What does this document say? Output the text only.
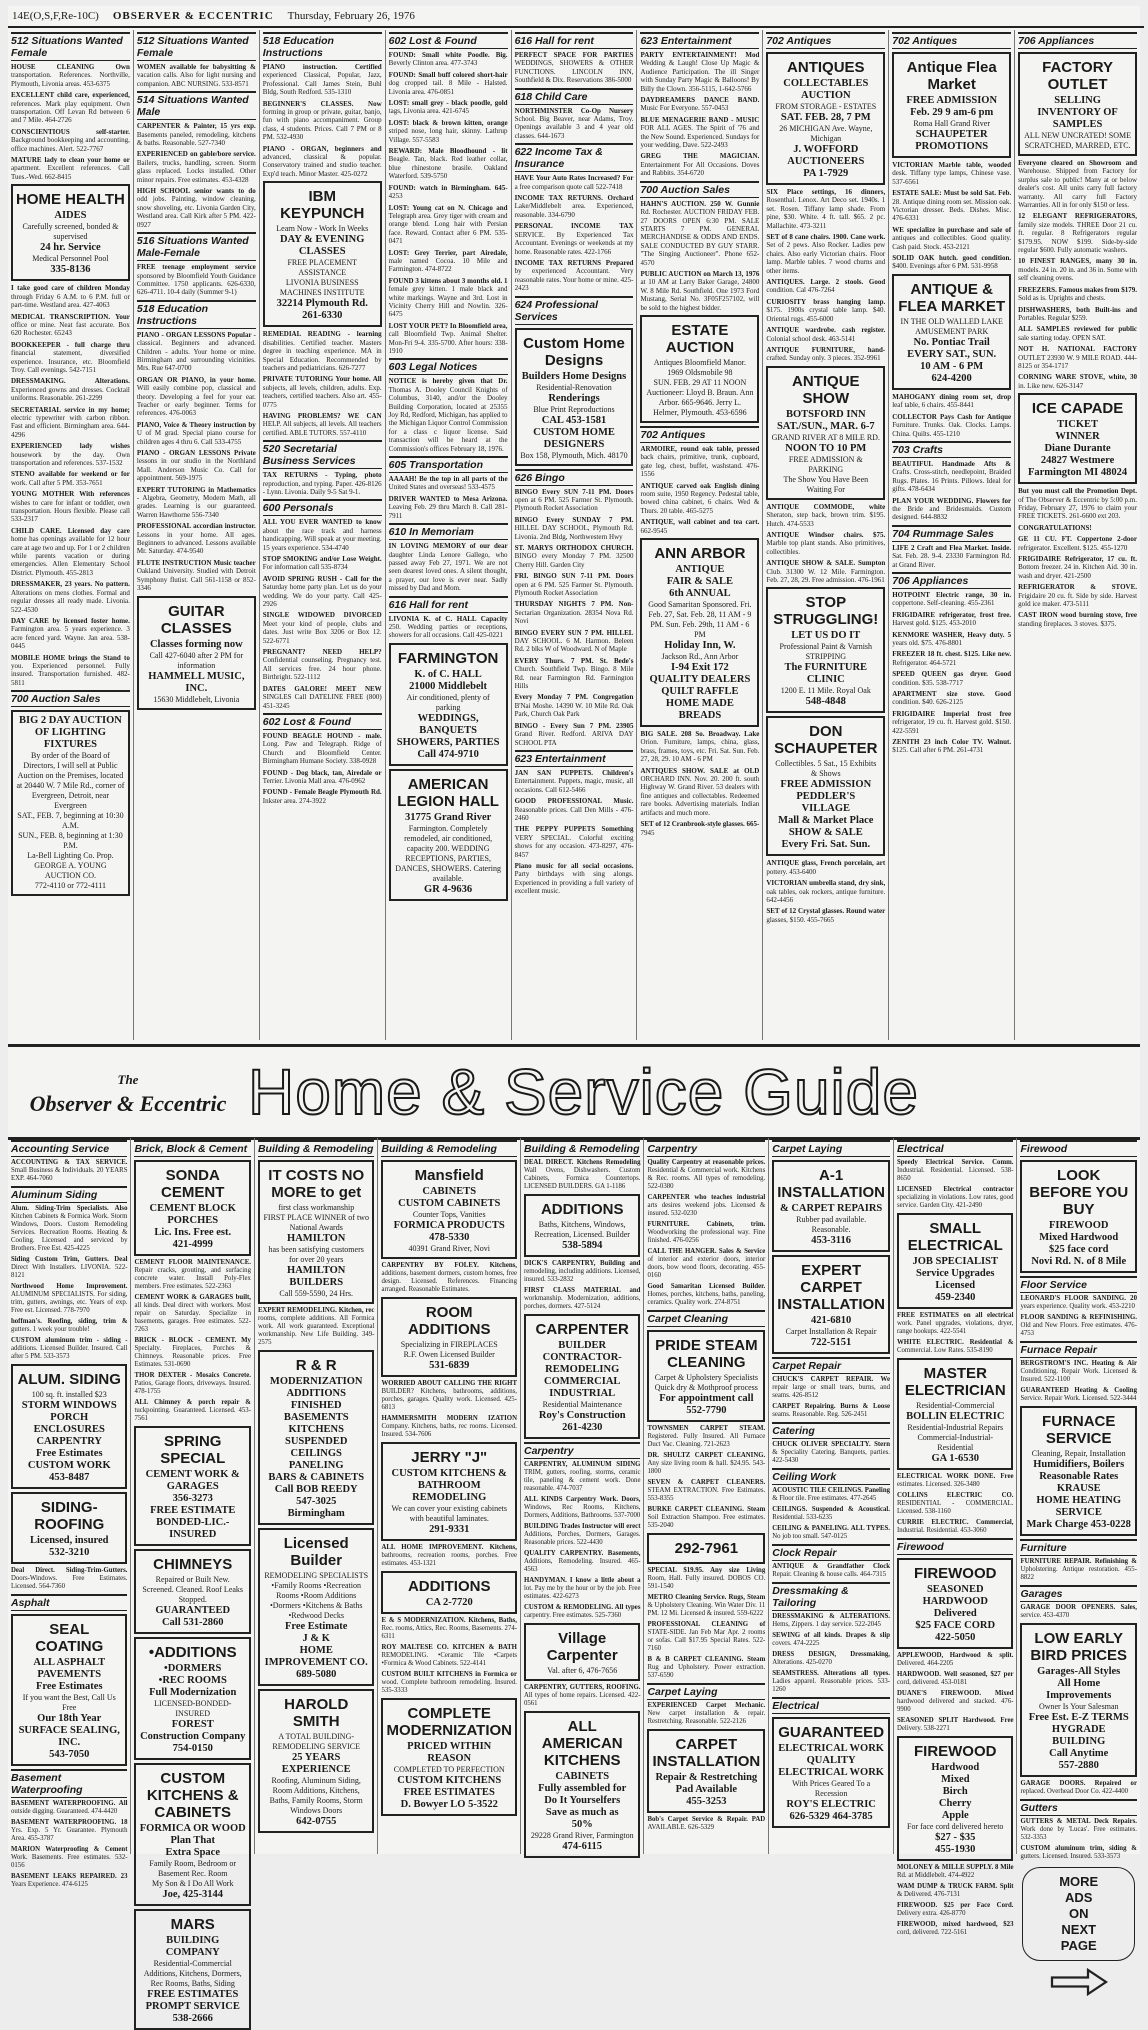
14E(O,S,F,Re-10C) OBSERVER & ECCENTRIC Thursday, February 26, 1976
512 Situations Wanted Female

HOUSE CLEANING Own transportation. References. Northville, Plymouth, Livonia areas. 453-6375

EXCELLENT child care, experienced, references. Mark play equipment. Own transportation. Off Levan Rd between 6 and 7 Mile. 464-2726

CONSCIENTIOUS self-starter. Background bookkeeping and accounting, office machines. Alert. 522-7767

MATURE lady to clean your home or apartment. Excellent references. Call Tues.-Wed. 662-8415

HOME HEALTH
AIDES
Carefully screened, bonded & supervised
24 hr. Service
Medical Personnel Pool
335-8136

I take good care of children Monday through Friday 6 A.M. to 6 P.M. full or part-time. Westland area. 427-4063

MEDICAL TRANSCRIPTION. Your office or mine. Neat fast accurate. Box 620 Rochester. 65243

BOOKKEEPER - full charge thru financial statement, diversified experience. Insurance, etc. Bloomfield Troy. Call evenings. 542-7151

DRESSMAKING. Alterations. Experienced gowns and dresses. Cocktail uniforms. Reasonable. 261-2299

SECRETARIAL service in my home; electric typewriter with carbon ribbon. Fast and efficient. Birmingham area. 644-4296

EXPERIENCED lady wishes housework by the day. Own transportation and references. 537-1532

STENO available for weekend or for work. Call after 5 PM. 353-7651

YOUNG MOTHER With references wishes to care for infant or toddler, own transportation. Hours flexible. Please call 533-2317

CHILD CARE. Licensed day care home has openings available for 12 hour care at age two and up. For 1 or 2 children while parents vacation or during emergencies. Allen Elementary School District. Plymouth. 455-2813

DRESSMAKER, 23 years. No pattern. Alterations on mens clothes. Formal and regular dresses all ready made. Livonia. 522-4530

DAY CARE by licensed foster home. Farmington area. 5 years experience. 3 acre fenced yard. Wayne. Jan area. 538-0445

MOBILE HOME brings the Stand to you. Experienced personnel. Fully insured. Transportation furnished. 482-5811

700 Auction Sales
BIG 2 DAY AUCTION
OF LIGHTING FIXTURES
By order of the Board of Directors, I will sell at Public Auction on the Premises, located at 20440 W. 7 Mile Rd., corner of Evergreen, Detroit, near Evergreen
SAT., FEB. 7, beginning at 10:30 A.M.
SUN., FEB. 8, beginning at 1:30 P.M.
La-Bell Lighting Co. Prop.
GEORGE A. YOUNG AUCTION CO.
772-4110 or 772-4111
512 Situations Wanted Female

WOMEN available for babysitting & vacation calls. Also for light nursing and companion. ABC NURSING. 533-8571

514 Situations Wanted Male

CARPENTER & Painter, 15 yrs exp. Basements paneled, remodeling, kitchens & baths. Reasonable. 527-7340

EXPERIENCED on gable/bore service. Bailers, trucks, handling, screen. Storm glass replaced. Locks installed. Other minor repairs. Free estimates. 453-4328

HIGH SCHOOL senior wants to do odd jobs. Painting, window cleaning, snow shoveling, etc. Livonia Garden City, Westland area. Call Kirk after 5 PM. 422-0927

516 Situations Wanted Male-Female

FREE teenage employment service sponsored by Bloomfield Youth Guidance Committee. 1750 applicants. 626-6330, 626-4711. 10-4 daily (Summer 9-1)

518 Education Instructions

PIANO - ORGAN LESSONS Popular - classical. Beginners and advanced. Children - adults. Your home or mine. Birmingham and surrounding vicinities. Mrs. Rue 647-0700

ORGAN OR PIANO, in your home. Will easily combine pop, classical and theory. Developing a feel for your ear. Teacher or early beginner. Terms for references. 476-0063

PIANO, Voice & Theory instruction by U of M grad. Special piano course for children ages 4 thru 6. Call 533-4755

PIANO - ORGAN LESSONS Private lessons in our studio in the Northland Mall. Anderson Music Co. Call for appointment. 569-1975

EXPERT TUTORING in Mathematics - Algebra, Geometry, Modern Math, all grades. Learning is our guaranteed. Warren Hawthorne 556-7340

PROFESSIONAL accordian instructor. Lessons in your home. All ages. Beginners to advanced. Lessons available Mr. Saturday. 474-9540

FLUTE INSTRUCTION Music teacher Oakland University. Studied with Detroit Symphony flutist. Call 561-1158 or 852-3346

GUITAR CLASSES
Classes forming now
Call 427-6040 after 2 PM for information
HAMMELL MUSIC, INC.
15630 Middlebelt, Livonia
518 Education Instructions

PIANO instruction. Certified experienced Classical, Popular, Jazz, Professional. Call James Stein, Buhl Bldg, South Redford. 535-1310

BEGINNER'S CLASSES. Now forming in group or private, guitar, banjo, fun with piano accompaniment. Group class, 4 students. Prices. Call 7 PM or 8 PM. 532-4930

PIANO - ORGAN, beginners and advanced, classical & popular. Conservatory trained and studio teacher. Exp'd teach. Minor Master. 425-0272

IBM KEYPUNCH
Learn Now - Work In Weeks
DAY & EVENING CLASSES
FREE PLACEMENT ASSISTANCE
LIVONIA BUSINESS MACHINES INSTITUTE
32214 Plymouth Rd.
261-6330

REMEDIAL READING - learning disabilities. Certified teacher. Masters degree in teaching experience. MA in Special Education. Recommended by teachers and pediatricians. 626-7277

PRIVATE TUTORING Your home. All subjects, all levels, children, adults. Exp. teachers, certified teachers. Also art. 455-0775

HAVING PROBLEMS? WE CAN HELP. All subjects, all levels. All teachers certified. ABLE TUTORS. 557-4110

520 Secretarial Business Services

TAX RETURNS - Typing, photo reproduction, and typing. Paper. 426-8126 - Lynn. Livonia. Daily 9-5 Sat 9-1.

600 Personals

ALL YOU EVER WANTED to know about the race track and harness handicapping. Will speak at your meeting. 15 years experience. 534-4740

STOP SMOKING and/or Lose Weight. For information call 535-8734

AVOID SPRING RUSH - Call for the Saturday home party plan. Let us do your wedding. We do your party. Call 425-2926

SINGLE WIDOWED DIVORCED Meet your kind of people, clubs and dates. Just write Box 3206 or Box 12. 522-6771

PREGNANT? NEED HELP? Confidential counseling. Pregnancy test. All services free. 24 hour phone. Birthright. 522-1112

DATES GALORE! MEET NEW SINGLES Call DATELINE FREE (800) 451-3245

602 Lost & Found

FOUND BEAGLE HOUND - male. Long. Paw and Telegraph. Ridge of Church and Bloomfield Center. Birmingham Humane Society. 338-0928

FOUND - Dog black, tan, Airedale or Terrier. Livonia Mall area. 476-0962

FOUND - Female Beagle Plymouth Rd. Inkster area. 274-3922

602 Lost & Found

FOUND: Small white Poodle. Big. Beverly Clinton area. 477-3743

FOUND: Small buff colored short-hair dog cropped tail. 8 Mile - Halsted. Livonia area. 476-0851

LOST: small grey - black poodle, gold tags, Livonia area. 421-6745

LOST: black & brown kitten, orange striped nose, long hair, skinny. Lathrup Village. 557-5583

REWARD: Male Bloodhound - lit Beagle. Tan, black. Red leather collar, blue rhinestone brasile. Oakland Waterford. 539-5750

FOUND: watch in Birmingham. 645-4253

LOST: Young cat on N. Chicago and Telegraph area. Grey tiger with cream and orange blend. Long hair with Persian face. Reward. Contact after 6 PM. 535-0471

LOST: Grey Terrier, part Airedale, male named Cocoa. 10 Mile and Farmington. 474-8722

FOUND 3 kittens about 3 months old. 1 female grey kitten. 1 male black and white markings. Wayne and 3rd. Lost in Vicinity Cherry Hill and Nowlin. 326-6475

LOST YOUR PET? In Bloomfield area, call Bloomfield Twp. Animal Shelter. Mon-Fri 9-4. 335-5700. After hours: 338-1910

603 Legal Notices

NOTICE is hereby given that Dr. Thomas A. Dooley Council Knights of Columbus, 3140, and/or the Dooley Building Corporation, located at 25355 Joy Rd, Redford, Michigan, has applied to the Michigan Liquor Control Commission for a class c liquor license. Said transaction will be heard at the Commission's offices February 18, 1976.

605 Transportation

AAAAH! Be the top in all parts of the United States and overseas! 533-4575

DRIVER WANTED to Mesa Arizona. Leaving Feb. 29 thru March 8. Call 281-7911

610 In Memoriam

IN LOVING MEMORY of our dear daughter Linda Lenore Gallego, who passed away Feb 27, 1971. We are not seen dearest loved ones. A silent thought, a prayer, our love is ever near. Sadly missed by Dad and Mom.

616 Hall for rent

LIVONIA K. of C. HALL Capacity 250. Wedding parties or receptions, showers for all occasions. Call 425-0221

FARMINGTON
K. of C. HALL
21000 Middlebelt
Air conditioned, plenty of parking
WEDDINGS, BANQUETS
SHOWERS, PARTIES
Call 474-9710
AMERICAN LEGION HALL
31775 Grand River
Farmington. Completely remodeled, air conditioned, capacity 200. WEDDING RECEPTIONS, PARTIES, DANCES, SHOWERS. Catering available.
GR 4-9636
616 Hall for rent

PERFECT SPACE FOR PARTIES WEDDINGS, SHOWERS & OTHER FUNCTIONS. LINCOLN INN, Southfield & Dix. Reservations 386-5000

618 Child Care

NORTHMINSTER Co-Op Nursery School. Big Beaver, near Adams, Troy. Openings available 3 and 4 year old classes. 644-1673

622 Income Tax & Insurance

HAVE Your Auto Rates Increased? For a free comparison quote call 522-7418

INCOME TAX RETURNS. Orchard Lake/Middlebelt area. Experienced, reasonable. 334-6790

PERSONAL INCOME TAX SERVICE. By Experienced Tax Accountant. Evenings or weekends at my home. Reasonable rates. 422-1766

INCOME TAX RETURNS Prepared by experienced Accountant. Very reasonable rates. Your home or mine. 425-2423

624 Professional Services
Custom Home Designs
Builders Home Designs
Residential-Renovation
Renderings
Blue Print Reproductions
CAL 453-1581
CUSTOM HOME DESIGNERS
Box 158, Plymouth, Mich. 48170
626 Bingo

BINGO Every SUN 7-11 PM. Doors open at 6 PM. 525 Farmer St. Plymouth. Plymouth Rocket Association

BINGO Every SUNDAY 7 PM. HILLEL DAY SCHOOL, Plymouth Rd. Livonia. 2nd Bldg, Northwestern Hwy

ST. MARYS ORTHODOX CHURCH. BINGO every Monday 7 PM. 32500 Cherry Hill. Garden City

FRI. BINGO SUN 7-11 PM. Doors open at 6 PM. 525 Farmer St. Plymouth. Plymouth Rocket Association

THURSDAY NIGHTS 7 PM. Non-Sectarian Organization. 28354 Nova Rd. Novi

BINGO EVERY SUN 7 PM. HILLEL DAY SCHOOL. 6 M. Harmon. Beleen Rd. 2 blks W of Woodward. N of Maple

EVERY Thurs. 7 PM. St. Bede's Church. Southfield Twp. Bingo. 8 Mile Rd. near Farmington Rd. Farmington Hills

Every Monday 7 PM. Congregation B'Nai Moshe. 14390 W. 10 Mile Rd. Oak Park, Church Oak Park

BINGO - Every Sun 7 PM. 23905 Grand River. Redford. ARIVA DAY SCHOOL PTA

623 Entertainment

JAN SAN PUPPETS. Children's Entertainment. Puppets, magic, music, all occasions. Call 612-5466

GOOD PROFESSIONAL Music. Reasonable prices. Call Den Mills - 476-2460

THE PEPPY PUPPETS Something VERY SPECIAL. Colorful exciting shows for any occasion. 473-8297, 476-8457

Piano music for all social occasions. Party birthdays with sing alongs. Experienced in providing a full variety of excellent music.

623 Entertainment

PARTY ENTERTAINMENT! Mod Wedding & Laugh! Close Up Magic & Audience Participation. The ill Singer with Sunday Party Magic & Balloons! By Billy the Clown. 356-5115, 1-642-5766

DAYDREAMERS DANCE BAND. Music For Everyone. 557-0453

BLUE MENAGERIE BAND - MUSIC FOR ALL AGES. The Spirit of '76 and the New Sound. Experienced. Sundays for your wedding, Dave. 522-2493

GREG THE MAGICIAN. Entertainment For All Occasions. Doves and Rabbits. 354-6720

700 Auction Sales

HAHN'S AUCTION. 250 W. Gunnie Rd. Rochester. AUCTION FRIDAY FEB. 27 DOORS OPEN 6:30 PM. SALE STARTS 7 PM. GENERAL MERCHANDISE & ODDS AND ENDS. SALE CONDUCTED BY GUY STARR. "The Singing Auctioneer". Phone 652-4570

PUBLIC AUCTION on March 13, 1976 at 10 AM at Larry Baker Garage, 24800 W. 8 Mile Rd. Southfield. One 1973 Ford Mustang, Serial No. 3F05F257102, will be sold to the highest bidder.

ESTATE AUCTION
Antiques Bloomfield Manor. 1969 Oldsmobile 98
SUN. FEB. 29 AT 11 NOON
Auctioneer: Lloyd B. Braun. Ann Arbor. 665-9646. Jerry L. Helmer, Plymouth. 453-6596
702 Antiques

ARMOIRE, round oak table, pressed back chairs, primitive, trunk, cupboard, gate leg, chest, buffet, washstand. 476-1556

ANTIQUE carved oak English dining room suite, 1950 Regency. Pedestal table, bowed china cabinet, 6 chairs. Wed & Thurs. 20 table. 465-5275

ANTIQUE, wall cabinet and tea cart. 662-9545

ANN ARBOR
ANTIQUE
FAIR & SALE
6th ANNUAL
Good Samaritan Sponsored. Fri. Feb. 27, Sat. Feb. 28, 11 AM - 9 PM. Sun. Feb. 29th, 11 AM - 6 PM
Holiday Inn, W.
Jackson Rd., Ann Arbor
I-94 Exit 172
QUALITY DEALERS
QUILT RAFFLE
HOME MADE BREADS

BIG SALE. 208 So. Broadway. Lake Orion. Furniture, lamps, china, glass, brass, frames, toys, etc. Fri. Sat. Sun. Feb. 27, 28, 29. 10 AM - 6 PM

ANTIQUES SHOW. SALE at OLD ORCHARD INN. Nov. 20. 200 ft. south Highway W. Grand River. 53 dealers with fine antiques and collectables. Redeemed rare books. Advertising materials. Indian artifacts and much more.

SET of 12 Cranbrook-style glasses. 665-7945

702 Antiques
ANTIQUES
COLLECTABLES
AUCTION
FROM STORAGE - ESTATES
SAT. FEB. 28, 7 PM
26 MICHIGAN Ave. Wayne, Michigan
J. WOFFORD
AUCTIONEERS
PA 1-7929

SIX Place settings, 16 dinners, Rosenthal. Lenox. Art Deco set. 1940s. 1 set. Rosen. Tiffany lamp shade. From pine, $30. White. 4 ft. tall. $65. 2 pc. Mallachite. 473-3211

SET of 8 cane chairs. 1900. Cane work. Set of 2 pews. Also Rocker. Ladies pew chairs. Also early Victorian chairs. Floor lamp. Marble tables. 7 wood churns and other items.

ANTIQUES. Large. 2 stools. Good condition. Cal 476-7264

CURIOSITY brass hanging lamp. $175. 1900s crystal table lamp. $40. Oriental rugs. 455-6000

ANTIQUE wardrobe. cash register. Colonial school desk. 463-5141

ANTIQUE FURNITURE, hand-crafted. Sunday only. 3 pieces. 352-9961

ANTIQUE SHOW
BOTSFORD INN
SAT./SUN., MAR. 6-7
GRAND RIVER AT 8 MILE RD.
NOON TO 10 PM
FREE ADMISSION & PARKING
The Show You Have Been Waiting For

ANTIQUE COMMODE, white Sheraton, step back, brown trim. $195. Hutch. 474-5533

ANTIQUE Windsor chairs. $75. Marble top plant stands. Also primitives, collectibles.

ANTIQUE SHOW & SALE. Sumpton Club. 31300 W. 12 Mile. Farmington. Feb. 27, 28, 29. Free admission. 476-1961

STOP STRUGGLING!
LET US DO IT
Professional Paint & Varnish STRIPPING
The FURNITURE CLINIC
1200 E. 11 Mile. Royal Oak
548-4848
DON SCHAUPETER
Collectibles. 5 Sat., 15 Exhibits & Shows
FREE ADMISSION
PEDDLER'S VILLAGE
Mall & Market Place
SHOW & SALE
Every Fri. Sat. Sun.

ANTIQUE glass, French porcelain, art pottery. 453-6400

VICTORIAN umbrella stand, dry sink, oak tables, oak rockers, antique furniture. 642-4456

SET of 12 Crystal glasses. Round water glasses, $150. 455-7665

702 Antiques
Antique Flea Market
FREE ADMISSION
Feb. 29 9 am-6 pm
Roma Hall Grand River
SCHAUPETER PROMOTIONS

VICTORIAN Marble table, wooded desk. Tiffany type lamps, Chinese vase. 537-6561

ESTATE SALE: Must be sold Sat. Feb. 28. Antique dining room set. Mission oak. Victorian dresser. Beds. Dishes. Misc. 476-6331

WE specialize in purchase and sale of antiques and collectibles. Good quality. Cash paid. Stock. 453-2121

SOLID OAK hutch. good condition. $400. Evenings after 6 PM. 531-9958

ANTIQUE & FLEA MARKET
IN THE OLD WALLED LAKE AMUSEMENT PARK
No. Pontiac Trail
EVERY SAT., SUN.
10 AM - 6 PM
624-4200

MAHOGANY dining room set, drop leaf table, 6 chairs. 455-8441

COLLECTOR Pays Cash for Antique Furniture. Trunks. Oak. Clocks. Lamps. China. Quilts. 455-1210

703 Crafts

BEAUTIFUL Handmade Afts & Crafts. Cross-stitch, needlepoint, Braided Rugs. Plates. 16 Prints. Pillows. Ideal for gifts. 478-6434

PLAN YOUR WEDDING. Flowers for the Bride and Bridesmaids. Custom designed. 644-8832

704 Rummage Sales

LIFE 2 Craft and Flea Market. Inside. Sat. Feb. 28. 9-4. 23330 Farmington Rd. at Grand River.

706 Appliances

HOTPOINT Electric range, 30 in. coppertone. Self-cleaning. 455-2361

FRIGIDAIRE refrigerator, frost free. Harvest gold. $125. 453-2010

KENMORE WASHER, Heavy duty. 5 years old. $75. 476-8801

FREEZER 18 ft. chest. $125. Like new. Refrigerator. 464-5721

SPEED QUEEN gas dryer. Good condition. $35. 538-7717

APARTMENT size stove. Good condition. $40. 626-2125

FRIGIDAIRE Imperial frost free refrigerator, 19 cu. ft. Harvest gold. $150. 422-5591

ZENITH 23 inch Color TV. Walnut. $125. Call after 6 PM. 261-4731

706 Appliances
FACTORY OUTLET
SELLING INVENTORY OF
SAMPLES
ALL NEW UNCRATED! SOME SCRATCHED, MARRED, ETC.

Everyone cleared on Showroom and Warehouse. Shipped from Factory for surplus sale to public! Many at or below dealer's cost. All units carry full factory warranty. All carry full Factory Warranties. All in for only $150 or less.

12 ELEGANT REFRIGERATORS, family size models. THREE Door 21 cu. ft. regular. 8 Refrigerators regular $179.95. NOW $199. Side-by-side regular $600. Fully automatic washers.

10 FINEST RANGES, many 30 in. models. 24 in. 20 in. and 36 in. Some with self cleaning ovens.

FREEZERS. Famous makes from $179. Sold as is. Uprights and chests.

DISHWASHERS, both Built-ins and Portables. Regular $259.

ALL SAMPLES reviewed for public sale starting today. OPEN SAT.

NOT H. NATIONAL FACTORY OUTLET 23930 W. 9 MILE ROAD. 444-8125 or 354-1717

CORNING WARE STOVE, white, 30 in. Like new. 626-3147

ICE CAPADE
TICKET
WINNER
Diane Durante
24827 Westmere
Farmington MI 48024

But you must call the Promotion Dept. of The Observer & Eccentric by 5:00 p.m. Friday, February 27, 1976 to claim your FREE TICKETS. 261-6600 ext 203.

CONGRATULATIONS!

GE 11 CU. FT. Coppertone 2-door refrigerator. Excellent. $125. 455-1270

FRIGIDAIRE Refrigerator, 17 cu. ft. Bottom freezer. 24 in. Kitchen Aid. 30 in. wash and dryer. 421-2500

REFRIGERATOR & STOVE. Frigidaire 20 cu. ft. Side by side. Harvest gold ice maker. 473-5111

CAST IRON wood burning stove, free standing fireplaces. 3 stoves. $375.

The
Observer & Eccentric Home & Service Guide
Accounting Service

ACCOUNTING & TAX SERVICE. Small Business & Individuals. 20 YEARS EXP. 464-7060

Aluminum Siding

Alum. Siding-Trim Specialists. Also Kitchen Cabinets & Formica Work. Storm Windows, Doors. Custom Remodeling Services. Recreation Rooms. Heating & Cooling. Licensed and serviced by Brothers. Free Est. 425-4225

Siding Custom Trim, Gutters. Deal Direct With Installers. LIVONIA. 522-8121

Northwood Home Improvement. ALUMINUM SPECIALISTS. For siding, trim, gutters, awnings, etc. Years of exp. Free est. Licensed. 778-7970

hoffman's. Roofing, siding, trim & gutters. 1 week your trouble!

CUSTOM aluminum trim - siding - additions. Licensed Builder. Insured. Call after 5 PM. 533-3573

ALUM. SIDING
100 sq. ft. installed $23
STORM WINDOWS
PORCH ENCLOSURES
CARPENTRY
Free Estimates
CUSTOM WORK
453-8487
SIDING-ROOFING
Licensed, insured
532-3210

Deal Direct. Siding-Trim-Gutters. Doors-Windows. Free Estimates. Licensed. 564-7360

Asphalt
SEAL COATING
ALL ASPHALT PAVEMENTS
Free Estimates
If you want the Best, Call Us Free
Our 18th Year
SURFACE SEALING, INC.
543-7050
Basement Waterproofing

BASEMENT WATERPROOFING. All outside digging. Guaranteed. 474-4420

BASEMENT WATERPROOFING. 18 Yrs. Exp. 5 Yr. Guarantee. Plymouth Area. 455-3787

MARION Waterproofing & Cement Work. Basements. Free estimates. 532-0156

BASEMENT LEAKS REPAIRED. 23 Years Experience. 474-6125

Brick, Block & Cement
SONDA CEMENT
CEMENT BLOCK PORCHES
Lic. Ins. Free est.
421-4999

CEMENT FLOOR MAINTENANCE. Repair cracks, grouting, and surfacing concrete water. Install Poly-Flex members. Free estimates. 522-2363

CEMENT WORK & GARAGES built, all kinds. Deal direct with workers. Most repair on Saturday. Specialize in basements, garages. Free estimates. 522-7263

BRICK - BLOCK - CEMENT. My Specialty. Fireplaces, Porches & Chimneys. Reasonable prices. Free Estimates. 531-0690

THOR DEXTER - Mosaics Concrete. Patios, Garage floors, driveways. Insured. 478-1755

ALL Chimney & porch repair & tuckpointing. Guaranteed. Licensed. 453-7561

SPRING SPECIAL
CEMENT WORK & GARAGES
356-3273
FREE ESTIMATE
BONDED-LIC.-INSURED
CHIMNEYS
Repaired or Built New. Screened. Cleaned. Roof Leaks Stopped.
GUARANTEED
Call 531-2860
•ADDITIONS
•DORMERS
•REC ROOMS
Full Modernization
LICENSED-BONDED-INSURED
FOREST
Construction Company
754-0150
CUSTOM KITCHENS & CABINETS
FORMICA OR WOOD
Plan That
Extra Space
Family Room, Bedroom or Basement Rec. Room
My Son & I Do All Work
Joe, 425-3144
MARS
BUILDING COMPANY
Residential-Commercial
Additions, Kitchens, Dormers, Rec Rooms, Baths, Siding
FREE ESTIMATES
PROMPT SERVICE
538-2666
Building & Remodeling
IT COSTS NO MORE to get
first class workmanship
FIRST PLACE WINNER of two National Awards
HAMILTON
has been satisfying customers for over 20 years
HAMILTON BUILDERS
Call 559-5590, 24 Hrs.

EXPERT REMODELING. Kitchen, rec rooms, complete additions. All Formica work. All work guaranteed. Exceptional workmanship. New Life Building. 349-2575

R & R
MODERNIZATION
ADDITIONS
FINISHED BASEMENTS
KITCHENS
SUSPENDED CEILINGS
PANELING
BARS & CABINETS
Call BOB REEDY
547-3025
Birmingham
Licensed Builder
REMODELING SPECIALISTS
•Family Rooms •Recreation Rooms •Room Additions •Dormers •Kitchens & Baths •Redwood Decks
Free Estimate
J & K
HOME IMPROVEMENT CO.
689-5080
HAROLD SMITH
A TOTAL BUILDING-REMODELING SERVICE
25 YEARS EXPERIENCE
Roofing, Aluminum Siding, Room Additions, Kitchens, Baths, Family Rooms, Storm Windows Doors
642-0755
Building & Remodeling
Mansfield
CABINETS
CUSTOM CABINETS
Counter Tops, Vanities
FORMICA PRODUCTS
478-5330
40391 Grand River, Novi

CARPENTRY BY FOLEY. Kitchens, additions, basement dormers, custom homes, free design. Licensed. References. Financing arranged. Reasonable Estimates.

ROOM ADDITIONS
Specializing in FIREPLACES
R.F. Owen Licensed Builder
531-6839

WORRIED ABOUT CALLING THE RIGHT BUILDER? Kitchens, bathrooms, additions, porches, garages. Quality work. Licensed. 425-6813

HAMMERSMITH MODERN IZATION Company. Kitchens, baths, rec rooms. Licensed. Insured. 534-7606

JERRY "J"
CUSTOM KITCHENS &
BATHROOM REMODELING
We can cover your existing cabinets with beautiful laminates.
291-9331

ALL HOME IMPROVEMENT. Kitchens, bathrooms, recreation rooms, porches. Free estimates. 453-1321

ADDITIONS
CA 2-7720

E & S MODERNIZATION. Kitchens, Baths, Rec. rooms, Attics, Rec. Rooms, Basements. 274-6311

ROY MALTESE CO. KITCHEN & BATH REMODELING. •Ceramic Tile •Carpets •Formica & Wood Cabinets. 522-4141

CUSTOM BUILT KITCHENS in Formica or wood. Complete bathroom remodeling. Insured. 535-3333

COMPLETE MODERNIZATION
PRICED WITHIN REASON
COMPLETED TO PERFECTION
CUSTOM KITCHENS
FREE ESTIMATES
D. Bowyer LO 5-3522
Building & Remodeling

DEAL DIRECT. Kitchens Remodeling Wall Ovens, Dishwashers. Custom Cabinets, Formica Countertops. LICENSED BUILDERS. GA 1-1186

ADDITIONS
Baths, Kitchens, Windows, Recreation, Licensed. Builder
538-5894

DICK'S CARPENTRY, Building and remodeling, including additions. Licensed, insured. 533-2832

FIRST CLASS MATERIAL and workmanship. Modernization, additions, porches, dormers. 427-5124

CARPENTER
BUILDER
CONTRACTOR-REMODELING
COMMERCIAL
INDUSTRIAL
Residential Maintenance
Roy's Construction
261-4230
Carpentry

CARPENTRY, ALUMINUM SIDING TRIM, gutters, roofing, storms, ceramic tile, paneling & cement work. Done reasonable. 474-7037

ALL KINDS Carpentry Work. Doors, Windows, Rec Rooms, Kitchens, Dormers, Additions, Bathrooms. 537-7000

BUILDING Trades Instructor will erect Additions, Porches, Dormers, Garages. Reasonable prices. 522-4430

QUALITY CARPENTRY. Basements, Additions, Remodeling. Insured. 465-4563

HANDYMAN. I know a little about a lot. Pay me by the hour or by the job. Free estimates. 422-6273

CUSTOM & REMODELING. All types carpentry. Free estimates. 525-7360

Village Carpenter
Val. after 6, 476-7656

CARPENTRY, GUTTERS, ROOFING. All types of home repairs. Licensed. 422-0561

ALL AMERICAN KITCHENS
CABINETS
Fully assembled for
Do It Yourselfers
Save as much as
50%
29228 Grand River, Farmington
474-6115
Carpentry

Quality Carpentry at reasonable prices. Residential & Commercial work. Kitchens & Rec. rooms. All types of remodeling. 522-0380

CARPENTER who teaches industrial arts desires weekend jobs. Licensed & insured. 532-0230

FURNITURE. Cabinets, trim. Woodworking the professional way. Fine finished. 476-0256

CALL THE HANGER. Sales & Service of interior and exterior doors, interior doors, bow wood floors, decorating. 455-0160

Good Samaritan Licensed Builder. Homes, porches, kitchens, baths, paneling, ceramics. Quality work. 274-8751

Carpet Cleaning
PRIDE STEAM CLEANING
Carpet & Upholstery Specialists
Quick dry & Mothproof process
For appointment call
552-7790

TOWNSMEN CARPET STEAM. Registered. Fully Insured. All Furnace Duct Vac. Cleaning. 721-2623

DR. SHULTZ CARPET CLEANING. Any size living room & hall. $24.95. 543-1800

SEVEN & CARPET CLEANERS. STEAM EXTRACTION. Free Estimates. 553-8355

BURKE CARPET CLEANING. Steam Soil Extraction Shampoo. Free estimates. 535-2040

292-7961

SPECIAL $19.95. Any size Living Room, Hall. Fully insured. DOBOS CO. 591-1540

METRO Cleaning Service. Rugs, Steam & Upholstery Cleaning. Win Water Div. 11 PM. 12 Mi. Licensed & insured. 559-6222

PROFESSIONAL CLEANING of STATE-SIDE. Jan Feb Mar Apr. 2 rooms or sofas. Call $17.95 Special Rates. 522-7160

B & B CARPET CLEANING. Steam Rug and Upholstery. Power extraction. 537-6590

Carpet Laying

EXPERIENCED Carpet Mechanic. New carpet installation & repair. Restretching. Reasonable. 522-2126

CARPET INSTALLATION
Repair & Restretching
Pad Available
455-3253

Bob's Carpet Service & Repair. PAD AVAILABLE. 626-5329

Carpet Laying
A-1 INSTALLATION
& CARPET REPAIRS
Rubber pad available. Reasonable.
453-3116
EXPERT CARPET INSTALLATION
421-6810
Carpet Installation & Repair
722-5151
Carpet Repair

CHUCK'S CARPET REPAIR. We repair large or small tears, burns, and seams. 426-8512

CARPET Repairing. Burns & Loose seams. Reasonable. Reg. 526-2451

Catering

CHUCK OLIVER SPECIALTY. Stern & Speciality Catering. Banquets, parties. 422-5430

Ceiling Work

ACOUSTIC TILE CEILINGS. Paneling & Floor tile. Free estimates. 477-2645

CEILINGS. Suspended & Acoustical. Residential. 533-6235

CEILING & PANELING. ALL TYPES. No job too small. 547-0125

Clock Repair

ANTIQUE & Grandfather Clock Repair. Cleaning & house calls. 464-7315

Dressmaking & Tailoring

DRESSMAKING & ALTERATIONS. Hems, Zippers. 1 day service. 522-2045

SEWING of all kinds. Drapes & slip covers. 474-2225

DRESS DESIGN, Dressmaking, Alterations. 425-0270

SEAMSTRESS. Alterations all types. Ladies apparel. Reasonable prices. 533-1260

Electrical
GUARANTEED
ELECTRICAL WORK
QUALITY
ELECTRICAL WORK
With Prices Geared To a Recession
ROY'S ELECTRIC
626-5329 464-3785
Electrical

Speedy Electrical Service. Comm. Industrial. Residential. Licensed. 538-8650

LICENSED Electrical contractor specializing in violations. Low rates, good service. Garden City. 421-2490

SMALL ELECTRICAL
JOB SPECIALIST
Service Upgrades
Licensed
459-2340

FREE ESTIMATES on all electrical work. Panel upgrades, violations, dryer, range hookups. 422-5541

WHITE ELECTRIC. Residential & Commercial. Low Rates. 535-8190

MASTER ELECTRICIAN
Residential-Commercial
BOLLIN ELECTRIC
Residential-Industrial Repairs
Commercial-Industrial-Residential
GA 1-6530

ELECTRICAL WORK DONE. Free estimates. Licensed. 326-3480

COLLINS ELECTRIC CO. RESIDENTIAL - COMMERCIAL. Licensed. 538-1160

CURRIE ELECTRIC. Commercial, Industrial. Residential. 453-3060

Firewood
FIREWOOD
SEASONED HARDWOOD
Delivered
$25 FACE CORD
422-5050

APPLEWOOD, Hardwood & split. Delivered. 464-2205

HARDWOOD. Well seasoned, $27 per cord, delivered. 453-0181

DUANE'S FIREWOOD. Mixed hardwood delivered and stacked. 476-9900

SEASONED SPLIT Hardwood. Free Delivery. 538-2271

FIREWOOD
Hardwood
Mixed
Birch
Cherry
Apple
For face cord delivered hereto
$27 - $35
455-1930

MOLONEY & MILLE SUPPLY. 8 Mile Rd. at Middlebelt. 474-4922

WAM DUMP & TRUCK FARM. Split & Delivered. 476-7131

FIREWOOD. $25 per Face Cord. Delivery extra. 426-8770

FIREWOOD, mixed hardwood, $23 cord, delivered. 722-5161

Firewood
LOOK BEFORE YOU BUY
FIREWOOD
Mixed Hardwood
$25 face cord
Novi Rd. N. of 8 Mile
Floor Service

LEONARD'S FLOOR SANDING. 20 years experience. Quality work. 453-2210

FLOOR SANDING & REFINISHING. Old and New Floors. Free estimates. 476-4753

Furnace Repair

BERGSTROM'S INC. Heating & Air Conditioning. Repair Work. Licensed & Insured. 522-1100

GUARANTEED Heating & Cooling Service. Repair Work. Licensed. 522-3444

FURNACE SERVICE
Cleaning, Repair, Installation
Humidifiers, Boilers
Reasonable Rates
KRAUSE
HOME HEATING SERVICE
Mark Charge 453-0228
Furniture

FURNITURE REPAIR. Refinishing & Upholstering. Antique restoration. 455-8822

Garages

GARAGE DOOR OPENERS. Sales, service. 453-4370

LOW EARLY BIRD PRICES
Garages-All Styles
All Home Improvements
Owner Is Your Salesman
Free Est. E-Z TERMS
HYGRADE BUILDING
Call Anytime
557-2880

GARAGE DOORS. Repaired or replaced. Overhead Door Co. 422-4400

Gutters

GUTTERS & METAL Deck Repairs. Work done by 'Lucas'. Free estimates. 532-3353

CUSTOM aluminum trim, siding & gutters. Licensed. Insured. 533-3573

MORE
ADS
ON
NEXT
PAGE
